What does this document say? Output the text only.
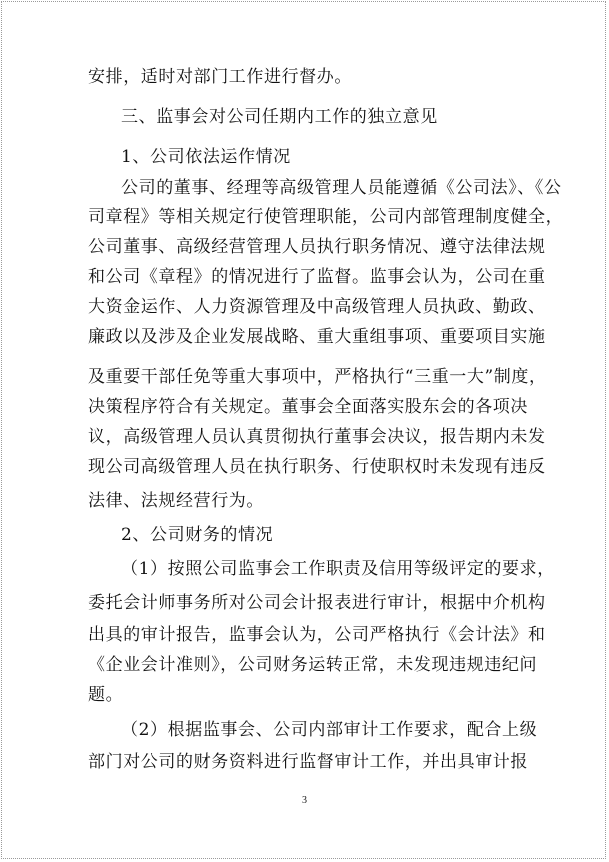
安排，适时对部门工作进行督办。
三、监事会对公司任期内工作的独立意见
1、公司依法运作情况
公司的董事、经理等高级管理人员能遵循《公司法》、《公
司章程》等相关规定行使管理职能，公司内部管理制度健全，
公司董事、高级经营管理人员执行职务情况、遵守法律法规
和公司《章程》的情况进行了监督。监事会认为，公司在重
大资金运作、人力资源管理及中高级管理人员执政、勤政、
廉政以及涉及企业发展战略、重大重组事项、重要项目实施
及重要干部任免等重大事项中，严格执行“三重一大”制度，
决策程序符合有关规定。董事会全面落实股东会的各项决
议，高级管理人员认真贯彻执行董事会决议，报告期内未发
现公司高级管理人员在执行职务、行使职权时未发现有违反
法律、法规经营行为。
2、公司财务的情况
（1）按照公司监事会工作职责及信用等级评定的要求，
委托会计师事务所对公司会计报表进行审计，根据中介机构
出具的审计报告，监事会认为，公司严格执行《会计法》和
《企业会计准则》，公司财务运转正常，未发现违规违纪问
题。
（2）根据监事会、公司内部审计工作要求，配合上级
部门对公司的财务资料进行监督审计工作，并出具审计报
3
